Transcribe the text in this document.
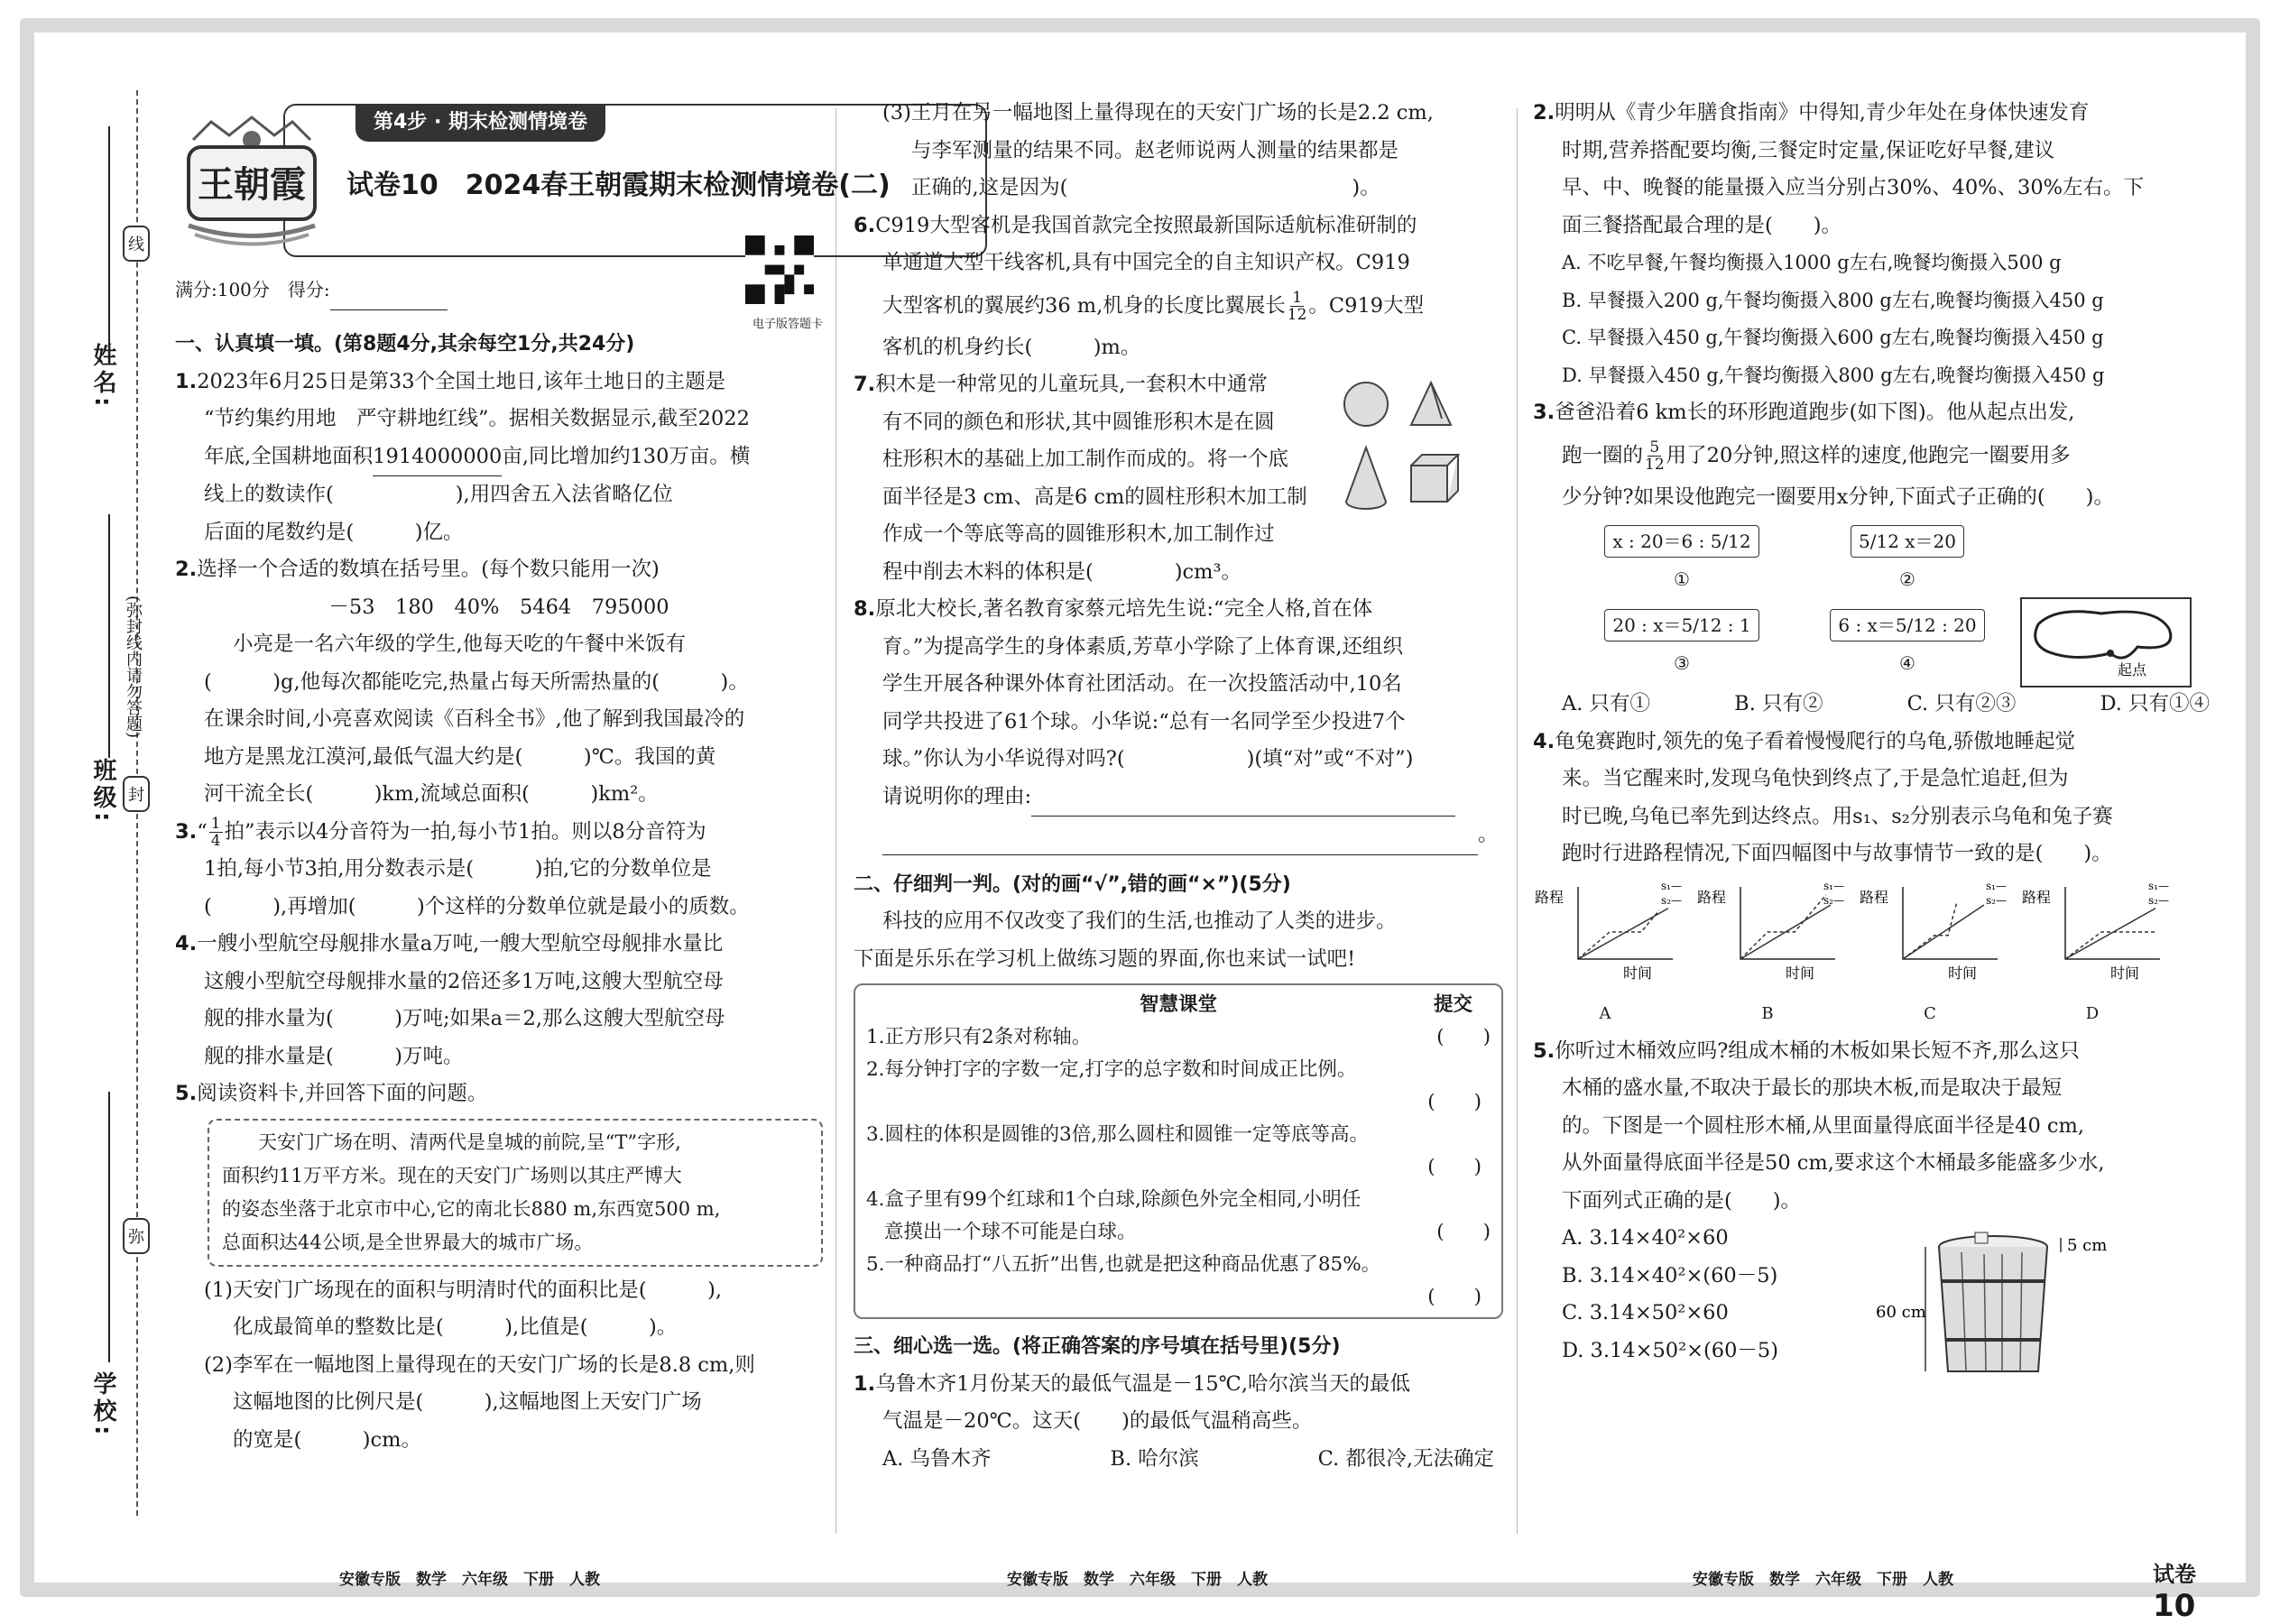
姓名:
班级:
学校:
线
封
弥
(弥封线内请勿答题)
王朝霞
第4步 · 期末检测情境卷
试卷10　 2024春王朝霞期末检测情境卷(二)
满分:100分　得分:
电子版答题卡
一、认真填一填。(第8题4分,其余每空1分,共24分)
1.2023年6月25日是第33个全国土地日,该年土地日的主题是
“节约集约用地　严守耕地红线”。据相关数据显示,截至2022
年底,全国耕地面积1914000000亩,同比增加约130万亩。横
线上的数读作(　　　　　　),用四舍五入法省略亿位
后面的尾数约是(　　　)亿。
2.选择一个合适的数填在括号里。(每个数只能用一次)
－53　180　40%　5464　795000
小亮是一名六年级的学生,他每天吃的午餐中米饭有
(　　　)g,他每次都能吃完,热量占每天所需热量的(　　　)。
在课余时间,小亮喜欢阅读《百科全书》,他了解到我国最冷的
地方是黑龙江漠河,最低气温大约是(　　　)℃。我国的黄
河干流全长(　　　)km,流域总面积(　　　)km²。
3.“ $\frac{1}{4}$ 拍”表示以4分音符为一拍,每小节1拍。则以8分音符为
1拍,每小节3拍,用分数表示是(　　　)拍,它的分数单位是
(　　　),再增加(　　　)个这样的分数单位就是最小的质数。
4.一艘小型航空母舰排水量a万吨,一艘大型航空母舰排水量比
这艘小型航空母舰排水量的2倍还多1万吨,这艘大型航空母
舰的排水量为(　　　)万吨;如果a＝2,那么这艘大型航空母
舰的排水量是(　　　)万吨。
5.阅读资料卡,并回答下面的问题。
天安门广场在明、清两代是皇城的前院,呈“T”字形,
面积约11万平方米。现在的天安门广场则以其庄严博大
的姿态坐落于北京市中心,它的南北长880 m,东西宽500 m,
总面积达44公顷,是全世界最大的城市广场。
(1)天安门广场现在的面积与明清时代的面积比是(　　　),
化成最简单的整数比是(　　　),比值是(　　　)。
(2)李军在一幅地图上量得现在的天安门广场的长是8.8 cm,则
这幅地图的比例尺是(　　　),这幅地图上天安门广场
的宽是(　　　)cm。
(3)王月在另一幅地图上量得现在的天安门广场的长是2.2 cm,
与李军测量的结果不同。赵老师说两人测量的结果都是
正确的,这是因为(　　　　　　　　　　　　　　)。
6.C919大型客机是我国首款完全按照最新国际适航标准研制的
单通道大型干线客机,具有中国完全的自主知识产权。C919
大型客机的翼展约36 m,机身的长度比翼展长 $\frac{1}{12}$ 。C919大型
客机的机身约长(　　　)m。
7.积木是一种常见的儿童玩具,一套积木中通常
有不同的颜色和形状,其中圆锥形积木是在圆
柱形积木的基础上加工制作而成的。将一个底
面半径是3 cm、高是6 cm的圆柱形积木加工制
作成一个等底等高的圆锥形积木,加工制作过
程中削去木料的体积是(　　　　)cm³。
8.原北大校长,著名教育家蔡元培先生说:“完全人格,首在体
育。”为提高学生的身体素质,芳草小学除了上体育课,还组织
学生开展各种课外体育社团活动。在一次投篮活动中,10名
同学共投进了61个球。小华说:“总有一名同学至少投进7个
球。”你认为小华说得对吗?(　　　　　　)(填“对”或“不对”)
请说明你的理由:
。
二、仔细判一判。(对的画“√”,错的画“×”)(5分)
科技的应用不仅改变了我们的生活,也推动了人类的进步。
下面是乐乐在学习机上做练习题的界面,你也来试一试吧!
智慧课堂	提交
1.正方形只有2条对称轴。	(　　)
2.每分钟打字的字数一定,打字的总字数和时间成正比例。
(　　)
3.圆柱的体积是圆锥的3倍,那么圆柱和圆锥一定等底等高。
(　　)
4.盒子里有99个红球和1个白球,除颜色外完全相同,小明任
意摸出一个球不可能是白球。	(　　)
5.一种商品打“八五折”出售,也就是把这种商品优惠了85%。
(　　)
三、细心选一选。(将正确答案的序号填在括号里)(5分)
1.乌鲁木齐1月份某天的最低气温是－15℃,哈尔滨当天的最低
气温是－20℃。这天(　　)的最低气温稍高些。
A. 乌鲁木齐	B. 哈尔滨	C. 都很冷,无法确定
2.明明从《青少年膳食指南》中得知,青少年处在身体快速发育
时期,营养搭配要均衡,三餐定时定量,保证吃好早餐,建议
早、中、晚餐的能量摄入应当分别占30%、40%、30%左右。下
面三餐搭配最合理的是(　　)。
A. 不吃早餐,午餐均衡摄入1000 g左右,晚餐均衡摄入500 g
B. 早餐摄入200 g,午餐均衡摄入800 g左右,晚餐均衡摄入450 g
C. 早餐摄入450 g,午餐均衡摄入600 g左右,晚餐均衡摄入450 g
D. 早餐摄入450 g,午餐均衡摄入800 g左右,晚餐均衡摄入450 g
3.爸爸沿着6 km长的环形跑道跑步(如下图)。他从起点出发,
跑一圈的 $\frac{5}{12}$ 用了20分钟,照这样的速度,他跑完一圈要用多
少分钟?如果设他跑完一圈要用x分钟,下面式子正确的(　　)。
x : 20＝6 : 5/12
①
5/12 x＝20
②
20 : x＝5/12 : 1
③
6 : x＝5/12 : 20
④	起点
A. 只有①	B. 只有②	C. 只有②③	D. 只有①④
4.龟兔赛跑时,领先的兔子看着慢慢爬行的乌龟,骄傲地睡起觉
来。当它醒来时,发现乌龟快到终点了,于是急忙追赶,但为
时已晚,乌龟已率先到达终点。用s₁、s₂分别表示乌龟和兔子赛
跑时行进路程情况,下面四幅图中与故事情节一致的是(　　)。
路程
时间
s₁—
s₂—
A
路程
时间
s₁—
s₂—
B
路程
时间
s₁—
s₂—
C
路程
时间
s₁—
s₂—
D
5.你听过木桶效应吗?组成木桶的木板如果长短不齐,那么这只
木桶的盛水量,不取决于最长的那块木板,而是取决于最短
的。下图是一个圆柱形木桶,从里面量得底面半径是40 cm,
从外面量得底面半径是50 cm,要求这个木桶最多能盛多少水,
下面列式正确的是(　　)。
A. 3.14×40²×60
B. 3.14×40²×(60－5)
C. 3.14×50²×60
D. 3.14×50²×(60－5)
60 cm
5 cm
安徽专版　数学　六年级　下册　人教	安徽专版　数学　六年级　下册　人教	安徽专版　数学　六年级　下册　人教	试卷 10
